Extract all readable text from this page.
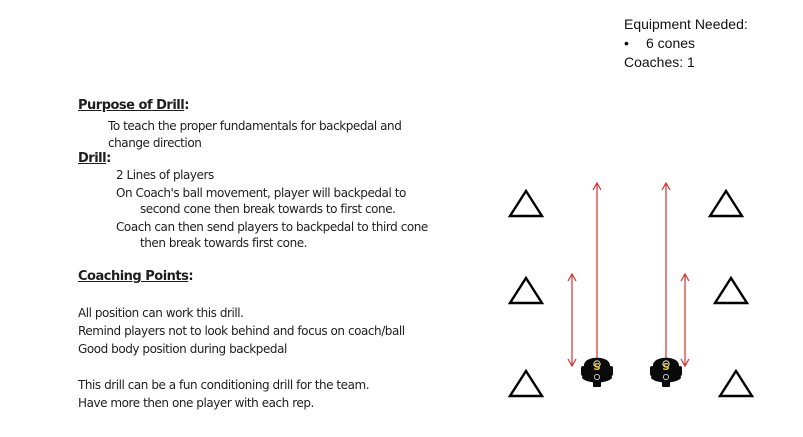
Equipment Needed:
•	6 cones
Coaches: 1
Purpose of Drill:
To teach the proper fundamentals for backpedal and change direction
Drill:
2 Lines of players
On Coach's ball movement, player will backpedal to
second cone then break towards to first cone.
Coach can then send players to backpedal to third cone
then break towards first cone.
Coaching Points:
All position can work this drill.
Remind players not to look behind and focus on coach/ball
Good body position during backpedal
This drill can be a fun conditioning drill for the team.
Have more then one player with each rep.
S	S
